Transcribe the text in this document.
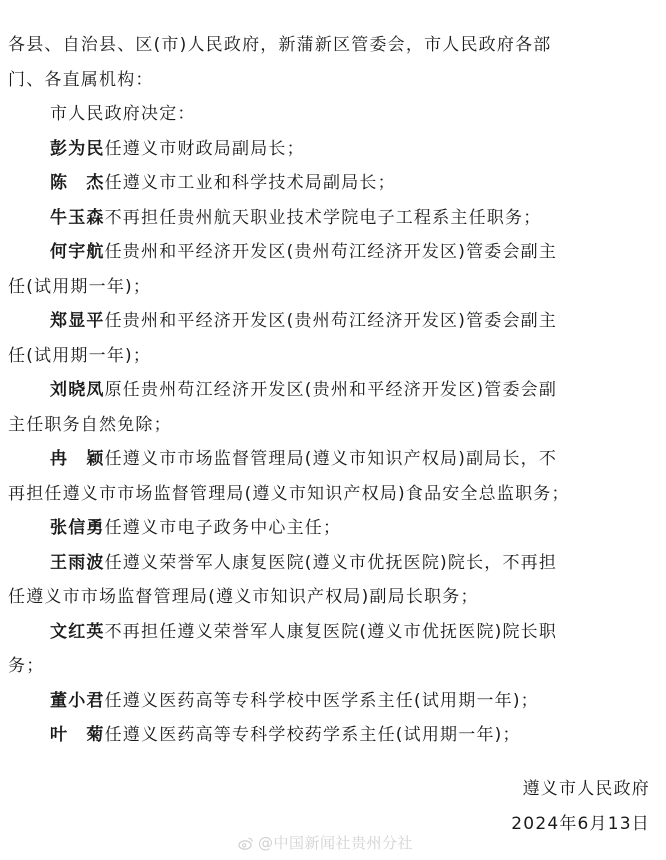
各县、自治县、区(市)人民政府，新蒲新区管委会，市人民政府各部
门、各直属机构：
市人民政府决定：
彭为民任遵义市财政局副局长；
陈　杰任遵义市工业和科学技术局副局长；
牛玉森不再担任贵州航天职业技术学院电子工程系主任职务；
何宇航任贵州和平经济开发区(贵州苟江经济开发区)管委会副主
任(试用期一年)；
郑显平任贵州和平经济开发区(贵州苟江经济开发区)管委会副主
任(试用期一年)；
刘晓凤原任贵州苟江经济开发区(贵州和平经济开发区)管委会副
主任职务自然免除；
冉　颖任遵义市市场监督管理局(遵义市知识产权局)副局长，不
再担任遵义市市场监督管理局(遵义市知识产权局)食品安全总监职务；
张信勇任遵义市电子政务中心主任；
王雨波任遵义荣誉军人康复医院(遵义市优抚医院)院长，不再担
任遵义市市场监督管理局(遵义市知识产权局)副局长职务；
文红英不再担任遵义荣誉军人康复医院(遵义市优抚医院)院长职
务；
董小君任遵义医药高等专科学校中医学系主任(试用期一年)；
叶　菊任遵义医药高等专科学校药学系主任(试用期一年)；
遵义市人民政府
2024年6月13日
@中国新闻社贵州分社
